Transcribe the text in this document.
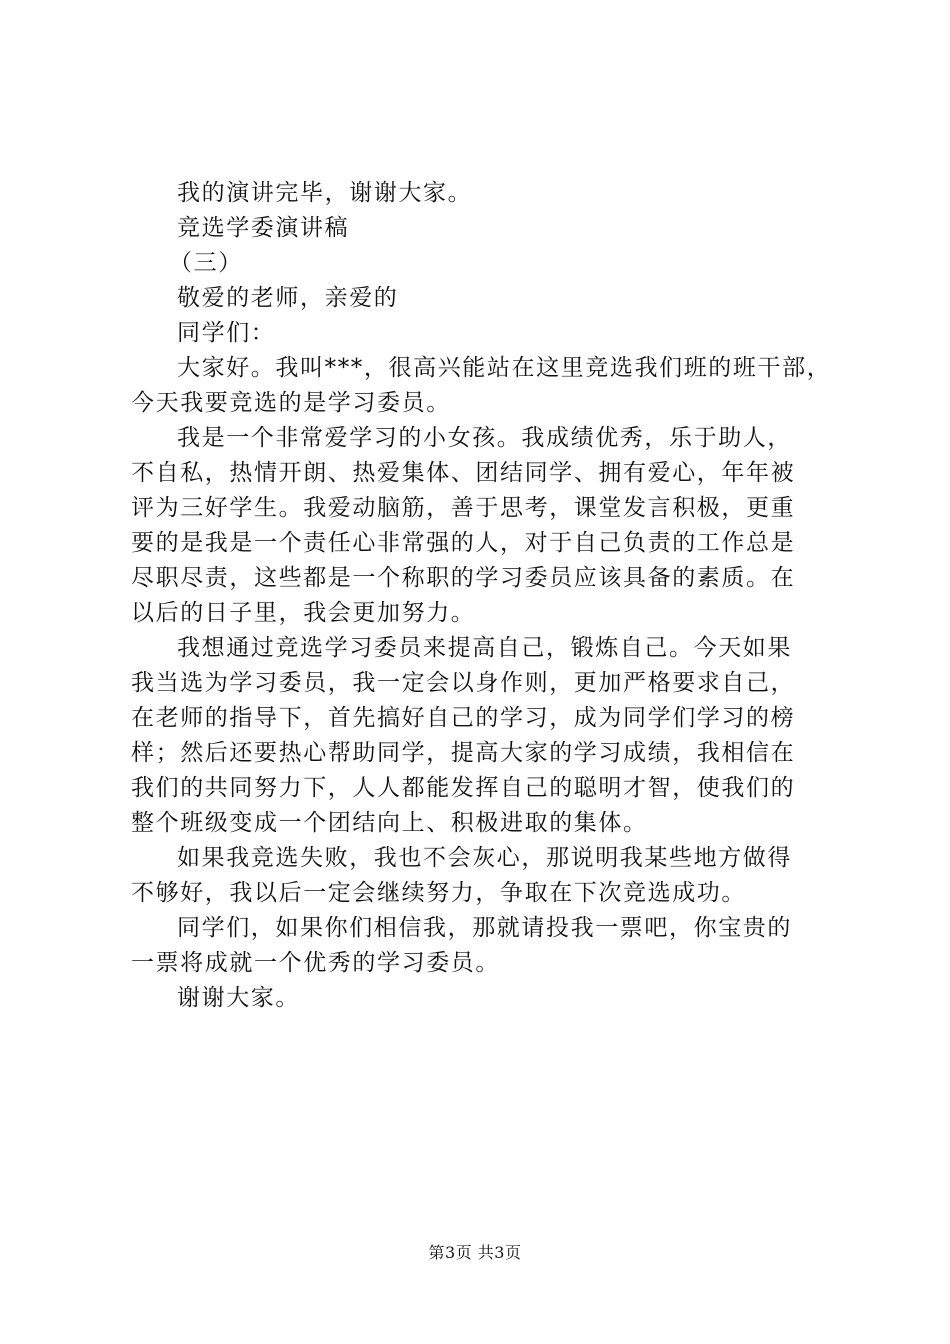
我的演讲完毕，谢谢大家。
竞选学委演讲稿
（三）
敬爱的老师，亲爱的
同学们：
大家好。我叫***，很高兴能站在这里竞选我们班的班干部，
今天我要竞选的是学习委员。
我是一个非常爱学习的小女孩。我成绩优秀，乐于助人，
不自私，热情开朗、热爱集体、团结同学、拥有爱心，年年被
评为三好学生。我爱动脑筋，善于思考，课堂发言积极，更重
要的是我是一个责任心非常强的人，对于自己负责的工作总是
尽职尽责，这些都是一个称职的学习委员应该具备的素质。在
以后的日子里，我会更加努力。
我想通过竞选学习委员来提高自己，锻炼自己。今天如果
我当选为学习委员，我一定会以身作则，更加严格要求自己，
在老师的指导下，首先搞好自己的学习，成为同学们学习的榜
样；然后还要热心帮助同学，提高大家的学习成绩，我相信在
我们的共同努力下，人人都能发挥自己的聪明才智，使我们的
整个班级变成一个团结向上、积极进取的集体。
如果我竞选失败，我也不会灰心，那说明我某些地方做得
不够好，我以后一定会继续努力，争取在下次竞选成功。
同学们，如果你们相信我，那就请投我一票吧，你宝贵的
一票将成就一个优秀的学习委员。
谢谢大家。
第3页 共3页
